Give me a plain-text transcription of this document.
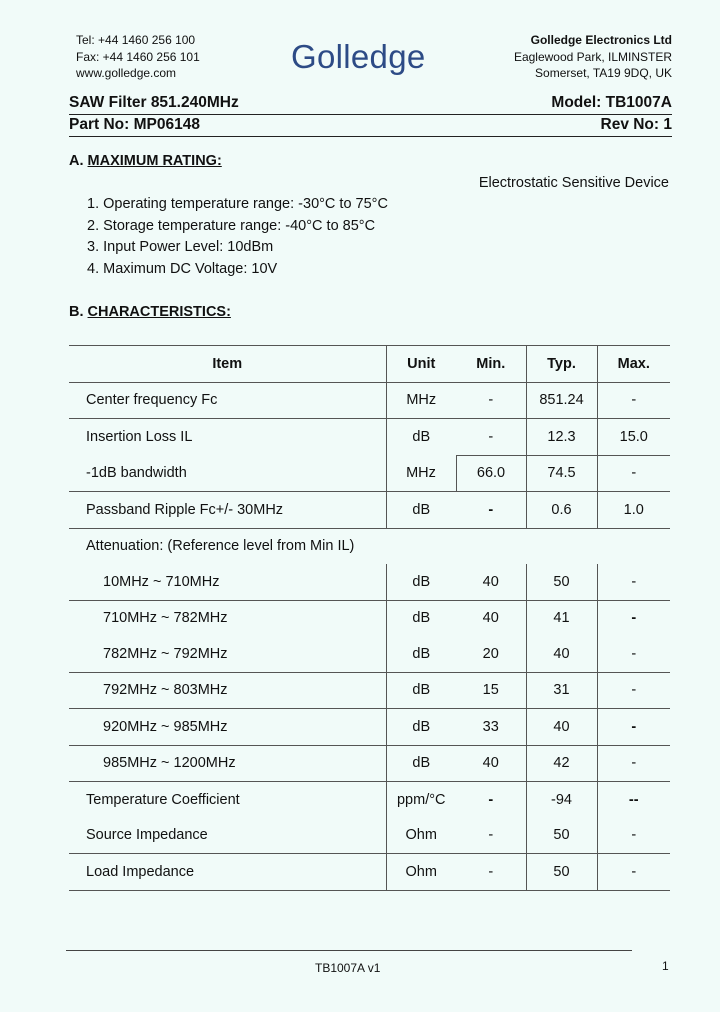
Tel: +44 1460 256 100
Fax: +44 1460 256 101
www.golledge.com	Golledge	Golledge Electronics Ltd
Eaglewood Park, ILMINSTER
Somerset, TA19 9DQ, UK
SAW Filter 851.240MHz	Model: TB1007A
Part No: MP06148	Rev No: 1
A. MAXIMUM RATING:
Electrostatic Sensitive Device
1. Operating temperature range: -30°C to 75°C
2. Storage temperature range: -40°C to 85°C
3. Input Power Level: 10dBm
4. Maximum DC Voltage: 10V
B. CHARACTERISTICS:
Item	Unit	Min.	Typ.	Max.
Center frequency Fc	MHz	-	851.24	-
Insertion Loss IL	dB	-	12.3	15.0
-1dB bandwidth	MHz	66.0	74.5	-
Passband Ripple Fc+/- 30MHz	dB	-	0.6	1.0
Attenuation: (Reference level from Min IL)				
10MHz ~ 710MHz	dB	40	50	-
710MHz ~ 782MHz	dB	40	41	-
782MHz ~ 792MHz	dB	20	40	-
792MHz ~ 803MHz	dB	15	31	-
920MHz ~ 985MHz	dB	33	40	-
985MHz ~ 1200MHz	dB	40	42	-
Temperature Coefficient	ppm/°C	-	-94	--
Source Impedance	Ohm	-	50	-
Load Impedance	Ohm	-	50	-
TB1007A v1	1
